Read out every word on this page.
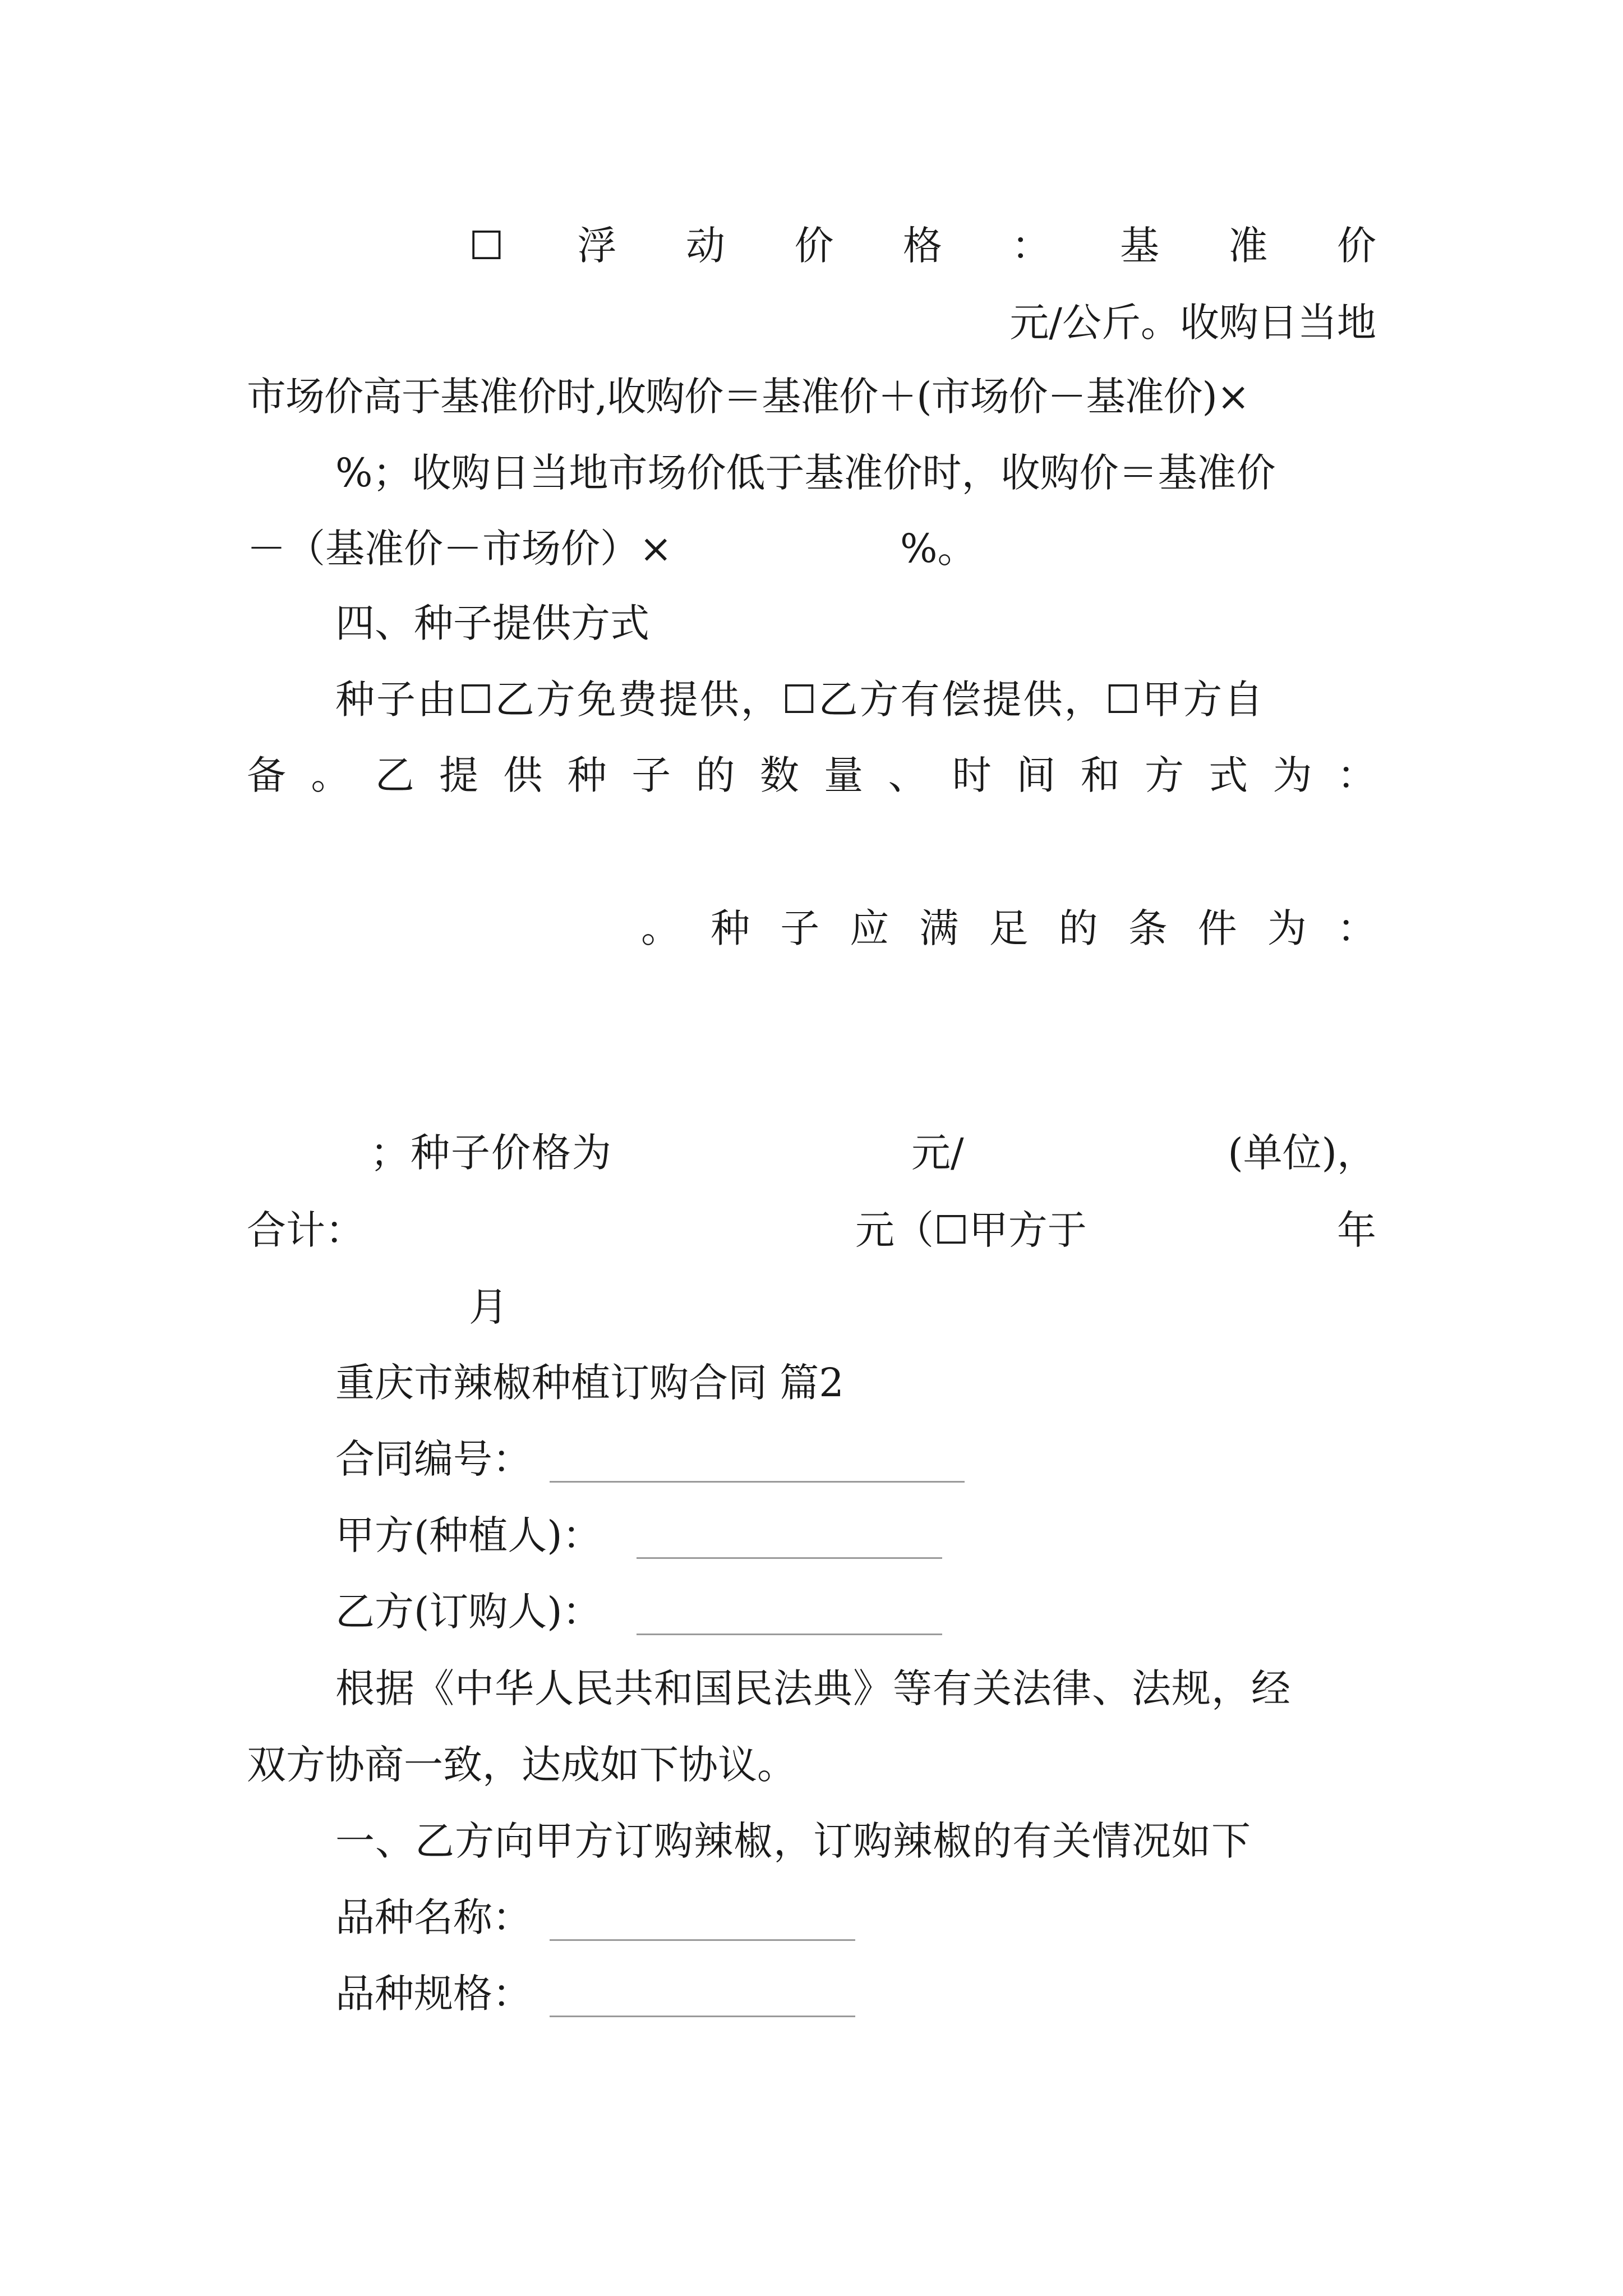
☐ 浮 动 价 格 ： 基 准 价
元/公斤。收购日当地
市场价高于基准价时,收购价＝基准价＋(市场价－基准价)×
%；收购日当地市场价低于基准价时，收购价＝基准价
－（基准价－市场价）×	%。
四、种子提供方式
种子由☐乙方免费提供，☐乙方有偿提供，☐甲方自
备 。 乙 提 供 种 子 的 数 量 、 时 间 和 方 式 为 ：
。 种 子 应 满 足 的 条 件 为 ：
；种子价格为	元/	(单位)，
合计：	元（☐甲方于	年
月
重庆市辣椒种植订购合同 篇2
合同编号：
甲方(种植人)：
乙方(订购人)：
根据《中华人民共和国民法典》等有关法律、法规，经
双方协商一致，达成如下协议。
一、乙方向甲方订购辣椒，订购辣椒的有关情况如下
品种名称：
品种规格：
